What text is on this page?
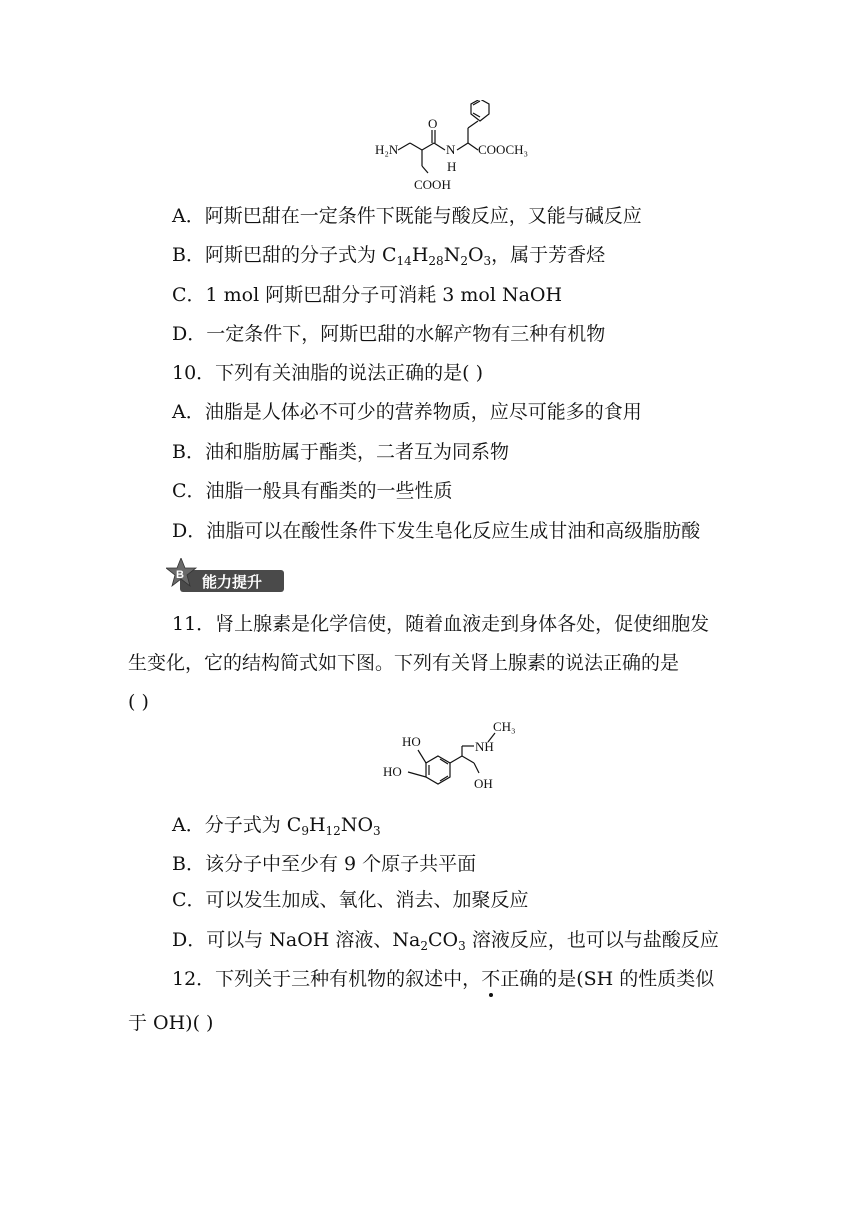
H₂N
O
N
H
COOCH₃
COOH
A．阿斯巴甜在一定条件下既能与酸反应，又能与碱反应
B．阿斯巴甜的分子式为 $C_{14}H_{28}N_2O_3$，属于芳香烃
C．1 mol 阿斯巴甜分子可消耗 3 mol NaOH
D．一定条件下，阿斯巴甜的水解产物有三种有机物
10．下列有关油脂的说法正确的是( )
A．油脂是人体必不可少的营养物质，应尽可能多的食用
B．油和脂肪属于酯类，二者互为同系物
C．油脂一般具有酯类的一些性质
D．油脂可以在酸性条件下发生皂化反应生成甘油和高级脂肪酸
B 能力提升
11．肾上腺素是化学信使，随着血液走到身体各处，促使细胞发
生变化，它的结构简式如下图。下列有关肾上腺素的说法正确的是
( )
HO
HO
OH
NH
CH₃
A．分子式为 $C_9H_{12}NO_3$
B．该分子中至少有 9 个原子共平面
C．可以发生加成、氧化、消去、加聚反应
D．可以与 NaOH 溶液、$Na_2CO_3$ 溶液反应，也可以与盐酸反应
12．下列关于三种有机物的叙述中，不正确的是(SH 的性质类似
于 OH)( )
